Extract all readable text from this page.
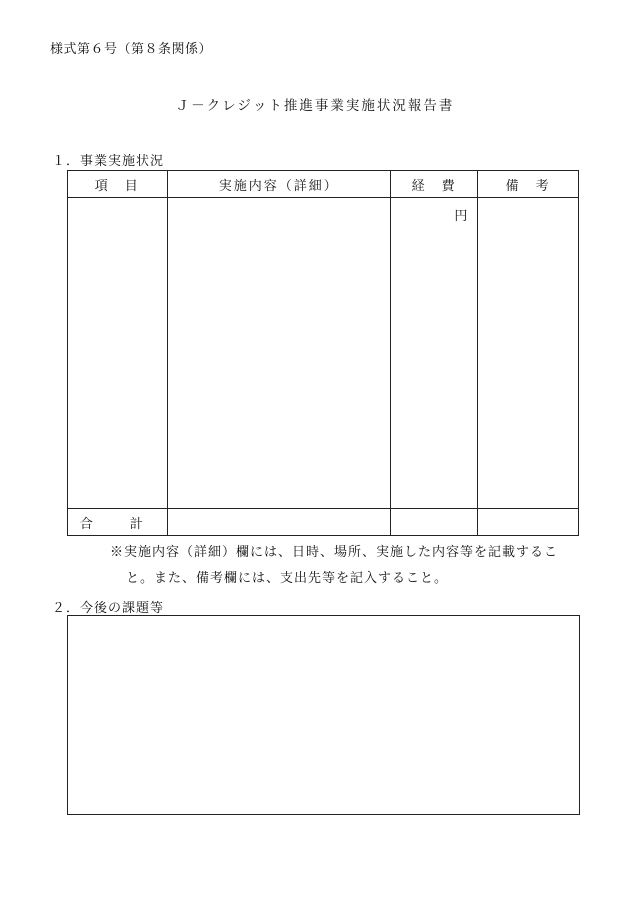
様式第６号（第８条関係）
Ｊ－クレジット推進事業実施状況報告書
１．事業実施状況
項　目	実施内容（詳細）	経　費	備　考

		円	

合　計			
※実施内容（詳細）欄には、日時、場所、実施した内容等を記載するこ
と。また、備考欄には、支出先等を記入すること。
２．今後の課題等
